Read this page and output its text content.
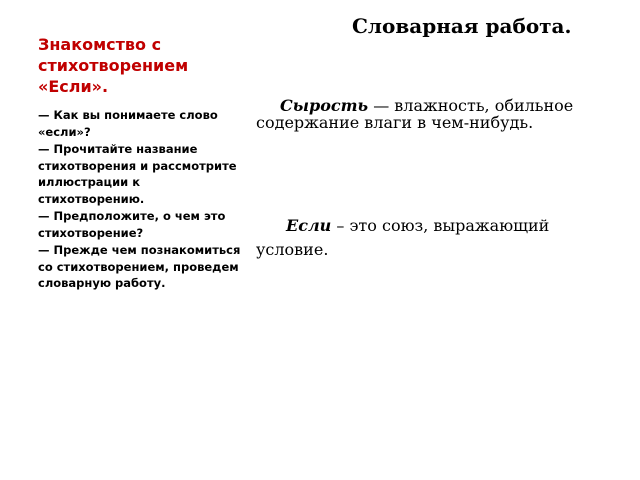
Словарная работа.
Знакомство с стихотворением «Если».
— Как вы понимаете слово «если»?
— Прочитайте название стихотворения и рассмотрите иллюстрации к стихотворению.
— Предположите, о чем это стихотворение?
— Прежде чем познакомиться со стихотворением, проведем словарную работу.

Сырость — влажность, обильное содержание влаги в чем-нибудь.

Если – это союз, выражающий условие.
